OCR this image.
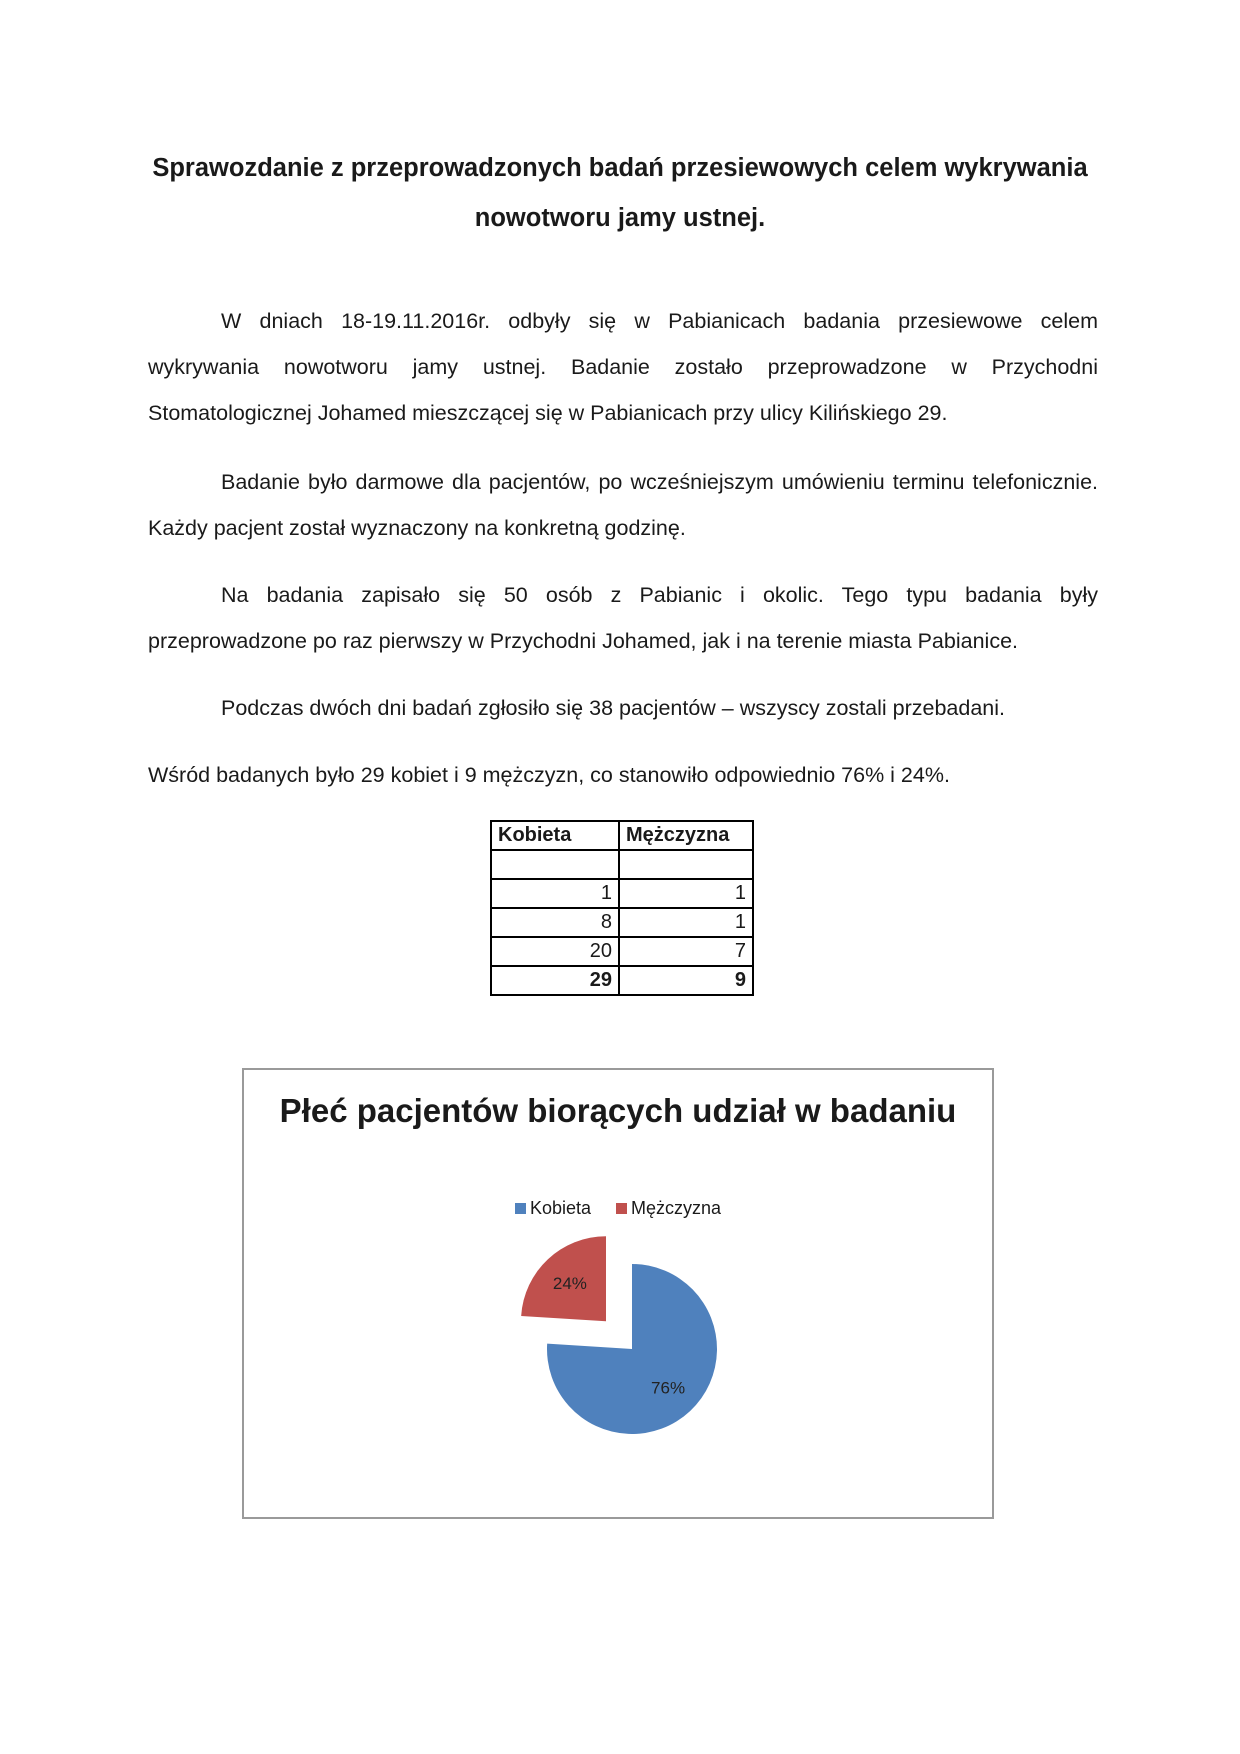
Sprawozdanie z przeprowadzonych badań przesiewowych celem wykrywania nowotworu jamy ustnej.
W dniach 18-19.11.2016r. odbyły się w Pabianicach badania przesiewowe celem wykrywania nowotworu jamy ustnej. Badanie zostało przeprowadzone w Przychodni Stomatologicznej Johamed mieszczącej się w Pabianicach przy ulicy Kilińskiego 29.
Badanie było darmowe dla pacjentów, po wcześniejszym umówieniu terminu telefonicznie. Każdy pacjent został wyznaczony na konkretną godzinę.
Na badania zapisało się 50 osób z Pabianic i okolic. Tego typu badania były przeprowadzone po raz pierwszy w Przychodni Johamed, jak i na terenie miasta Pabianice.
Podczas dwóch dni badań zgłosiło się 38 pacjentów – wszyscy zostali przebadani.
Wśród badanych było 29 kobiet i 9 mężczyzn, co stanowiło odpowiednio 76% i 24%.
Kobieta	Mężczyzna

1	1
8	1
20	7
29	9
Płeć pacjentów biorących udział w badaniu
Kobieta Mężczyzna
76%
24%
